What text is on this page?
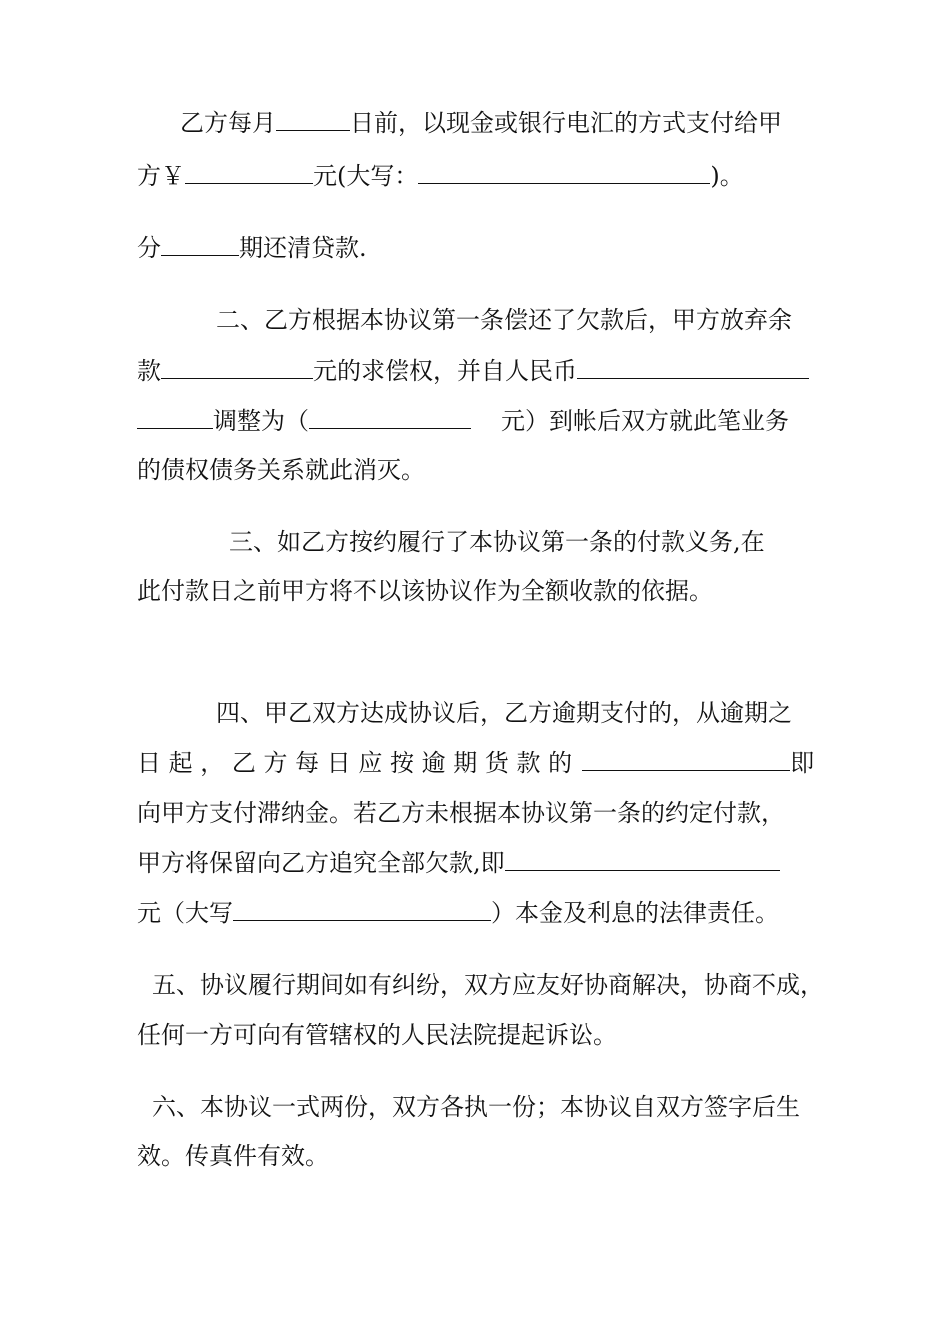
乙方每月	日前，以现金或银行电汇的方式支付给甲
方￥	元(大写：	)。
分	期还清贷款.
二、乙方根据本协议第一条偿还了欠款后，甲方放弃余
款	元的求偿权，并自人民币
调整为（	元）到帐后双方就此笔业务
的债权债务关系就此消灭。
三、如乙方按约履行了本协议第一条的付款义务,在
此付款日之前甲方将不以该协议作为全额收款的依据。
四、甲乙双方达成协议后，乙方逾期支付的，从逾期之
日 起 ， 乙 方 每 日 应 按 逾 期 货 款 的	即
向甲方支付滞纳金。若乙方未根据本协议第一条的约定付款，
甲方将保留向乙方追究全部欠款,即
元（大写	）本金及利息的法律责任。
五、协议履行期间如有纠纷，双方应友好协商解决，协商不成，
任何一方可向有管辖权的人民法院提起诉讼。
六、本协议一式两份，双方各执一份；本协议自双方签字后生
效。传真件有效。
